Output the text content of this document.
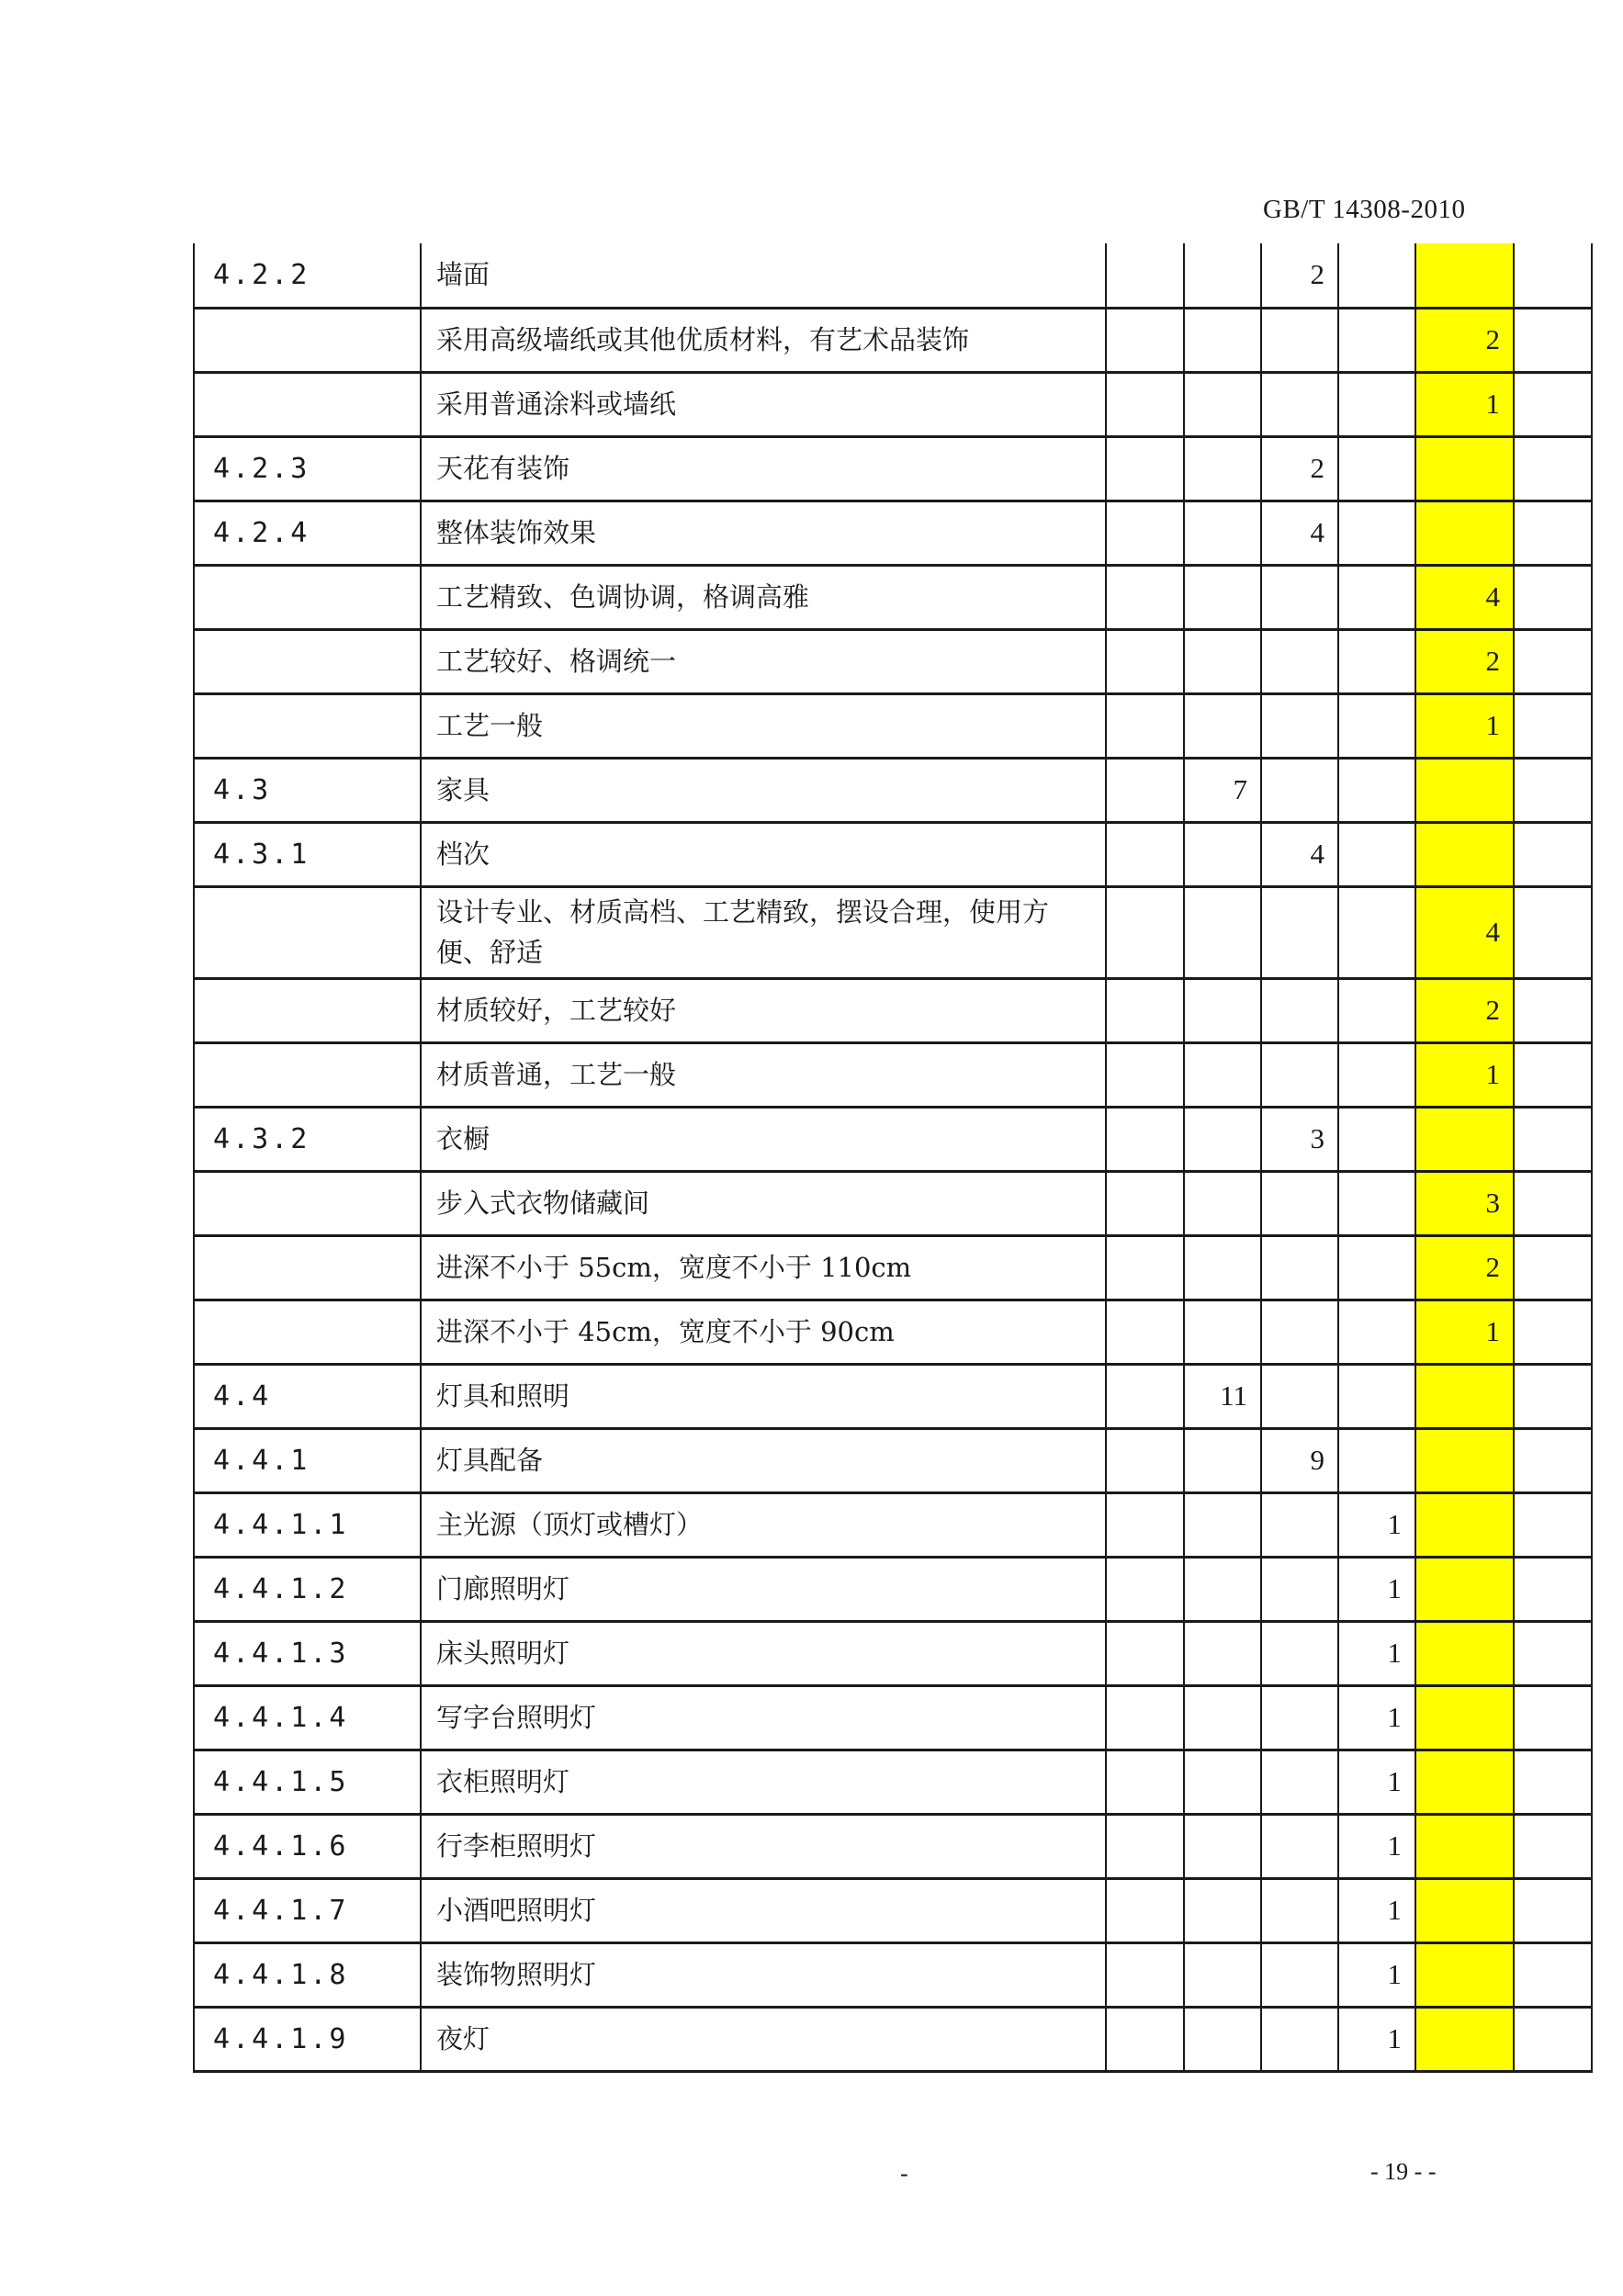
GB/T 14308-2010
4.2.2	墙面			2			
	采用高级墙纸或其他优质材料，有艺术品装饰					2	
	采用普通涂料或墙纸					1	
4.2.3	天花有装饰			2			
4.2.4	整体装饰效果			4			
	工艺精致、色调协调，格调高雅					4	
	工艺较好、格调统一					2	
	工艺一般					1	
4.3	家具		7				
4.3.1	档次			4			
	设计专业、材质高档、工艺精致，摆设合理，使用方便、舒适					4	
	材质较好，工艺较好					2	
	材质普通，工艺一般					1	
4.3.2	衣橱			3			
	步入式衣物储藏间					3	
	进深不小于 55cm，宽度不小于 110cm					2	
	进深不小于 45cm，宽度不小于 90cm					1	
4.4	灯具和照明		11				
4.4.1	灯具配备			9			
4.4.1.1	主光源（顶灯或槽灯）				1		
4.4.1.2	门廊照明灯				1		
4.4.1.3	床头照明灯				1		
4.4.1.4	写字台照明灯				1		
4.4.1.5	衣柜照明灯				1		
4.4.1.6	行李柜照明灯				1		
4.4.1.7	小酒吧照明灯				1		
4.4.1.8	装饰物照明灯				1		
4.4.1.9	夜灯				1		
-	- 19 - -
